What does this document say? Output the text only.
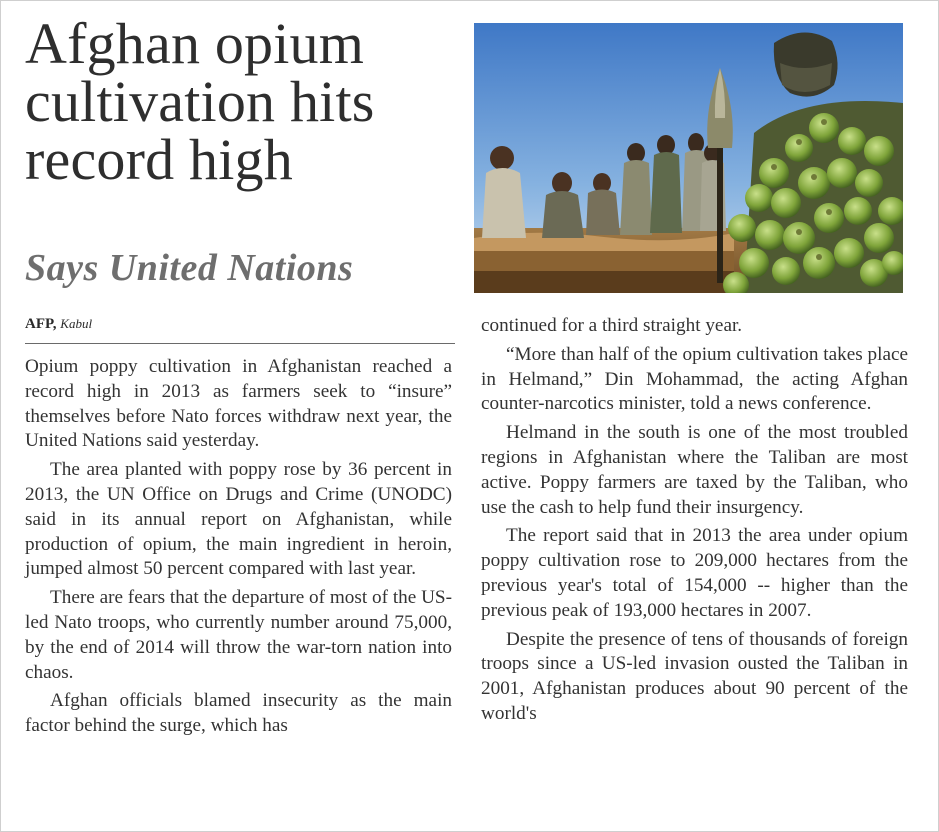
Afghan opium cultivation hits record high
Says United Nations
AFP, Kabul

Opium poppy cultivation in Afghanistan reached a record high in 2013 as farmers seek to “insure” themselves before Nato forces withdraw next year, the United Nations said yesterday.

The area planted with poppy rose by 36 percent in 2013, the UN Office on Drugs and Crime (UNODC) said in its annual report on Afghanistan, while production of opium, the main ingredient in heroin, jumped almost 50 percent compared with last year.

There are fears that the departure of most of the US-led Nato troops, who currently number around 75,000, by the end of 2014 will throw the war-torn nation into chaos.

Afghan officials blamed insecurity as the main factor behind the surge, which has

continued for a third straight year.

“More than half of the opium cultivation takes place in Helmand,” Din Mohammad, the acting Afghan counter-narcotics minister, told a news conference.

Helmand in the south is one of the most troubled regions in Afghanistan where the Taliban are most active. Poppy farmers are taxed by the Taliban, who use the cash to help fund their insurgency.

The report said that in 2013 the area under opium poppy cultivation rose to 209,000 hectares from the previous year's total of 154,000 -- higher than the previous peak of 193,000 hectares in 2007.

Despite the presence of tens of thousands of foreign troops since a US-led invasion ousted the Taliban in 2001, Afghanistan produces about 90 percent of the world's
